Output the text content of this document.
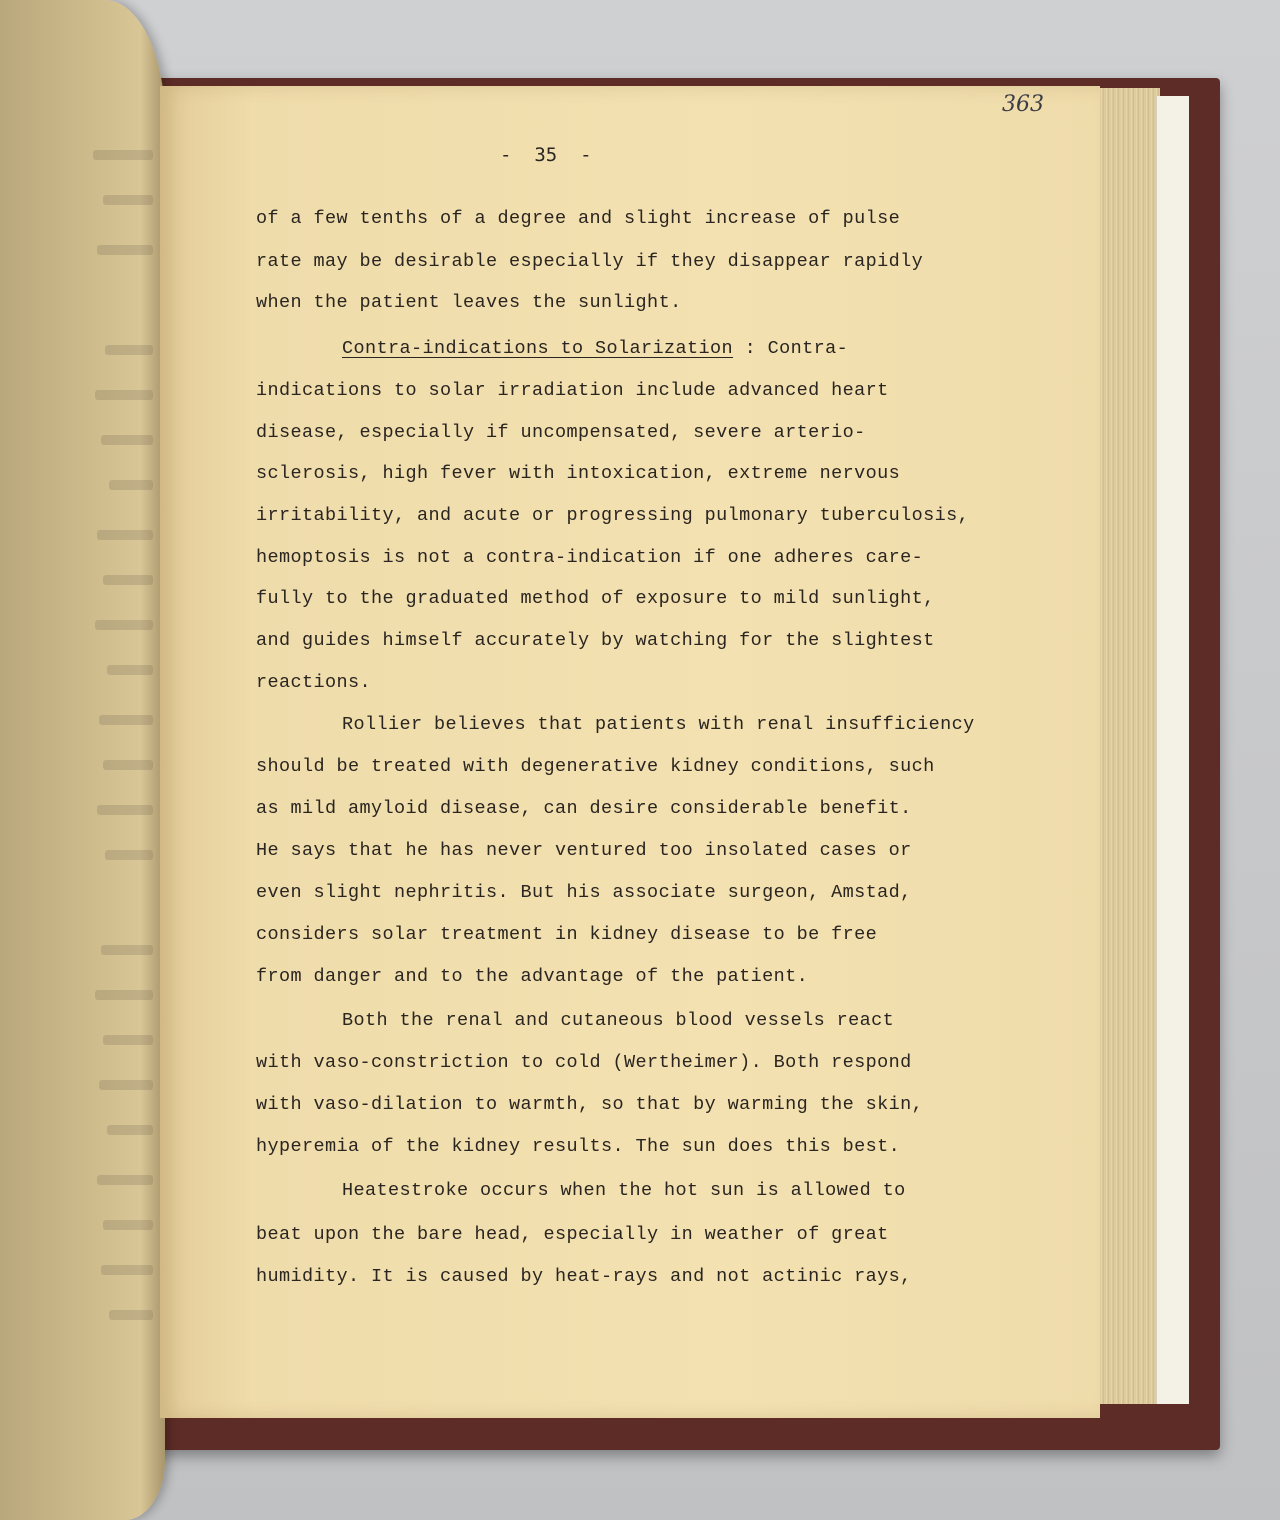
363
-  35  -
of a few tenths of a degree and slight increase of pulse
rate may be desirable especially if they disappear rapidly
when the patient leaves the sunlight.
Contra-indications to Solarization : Contra-
indications to solar irradiation include advanced heart
disease, especially if uncompensated, severe arterio-
sclerosis, high fever with intoxication, extreme nervous
irritability, and acute or progressing pulmonary tuberculosis,
hemoptosis is not a contra-indication if one adheres care-
fully to the graduated method of exposure to mild sunlight,
and guides himself accurately by watching for the slightest
reactions.
Rollier believes that patients with renal insufficiency
should be treated with degenerative kidney conditions, such
as mild amyloid disease, can desire considerable benefit.
He says that he has never ventured too insolated cases or
even slight nephritis. But his associate surgeon, Amstad,
considers solar treatment in kidney disease to be free
from danger and to the advantage of the patient.
Both the renal and cutaneous blood vessels react
with vaso-constriction to cold (Wertheimer). Both respond
with vaso-dilation to warmth, so that by warming the skin,
hyperemia of the kidney results. The sun does this best.
Heatestroke occurs when the hot sun is allowed to
beat upon the bare head, especially in weather of great
humidity. It is caused by heat-rays and not actinic rays,
